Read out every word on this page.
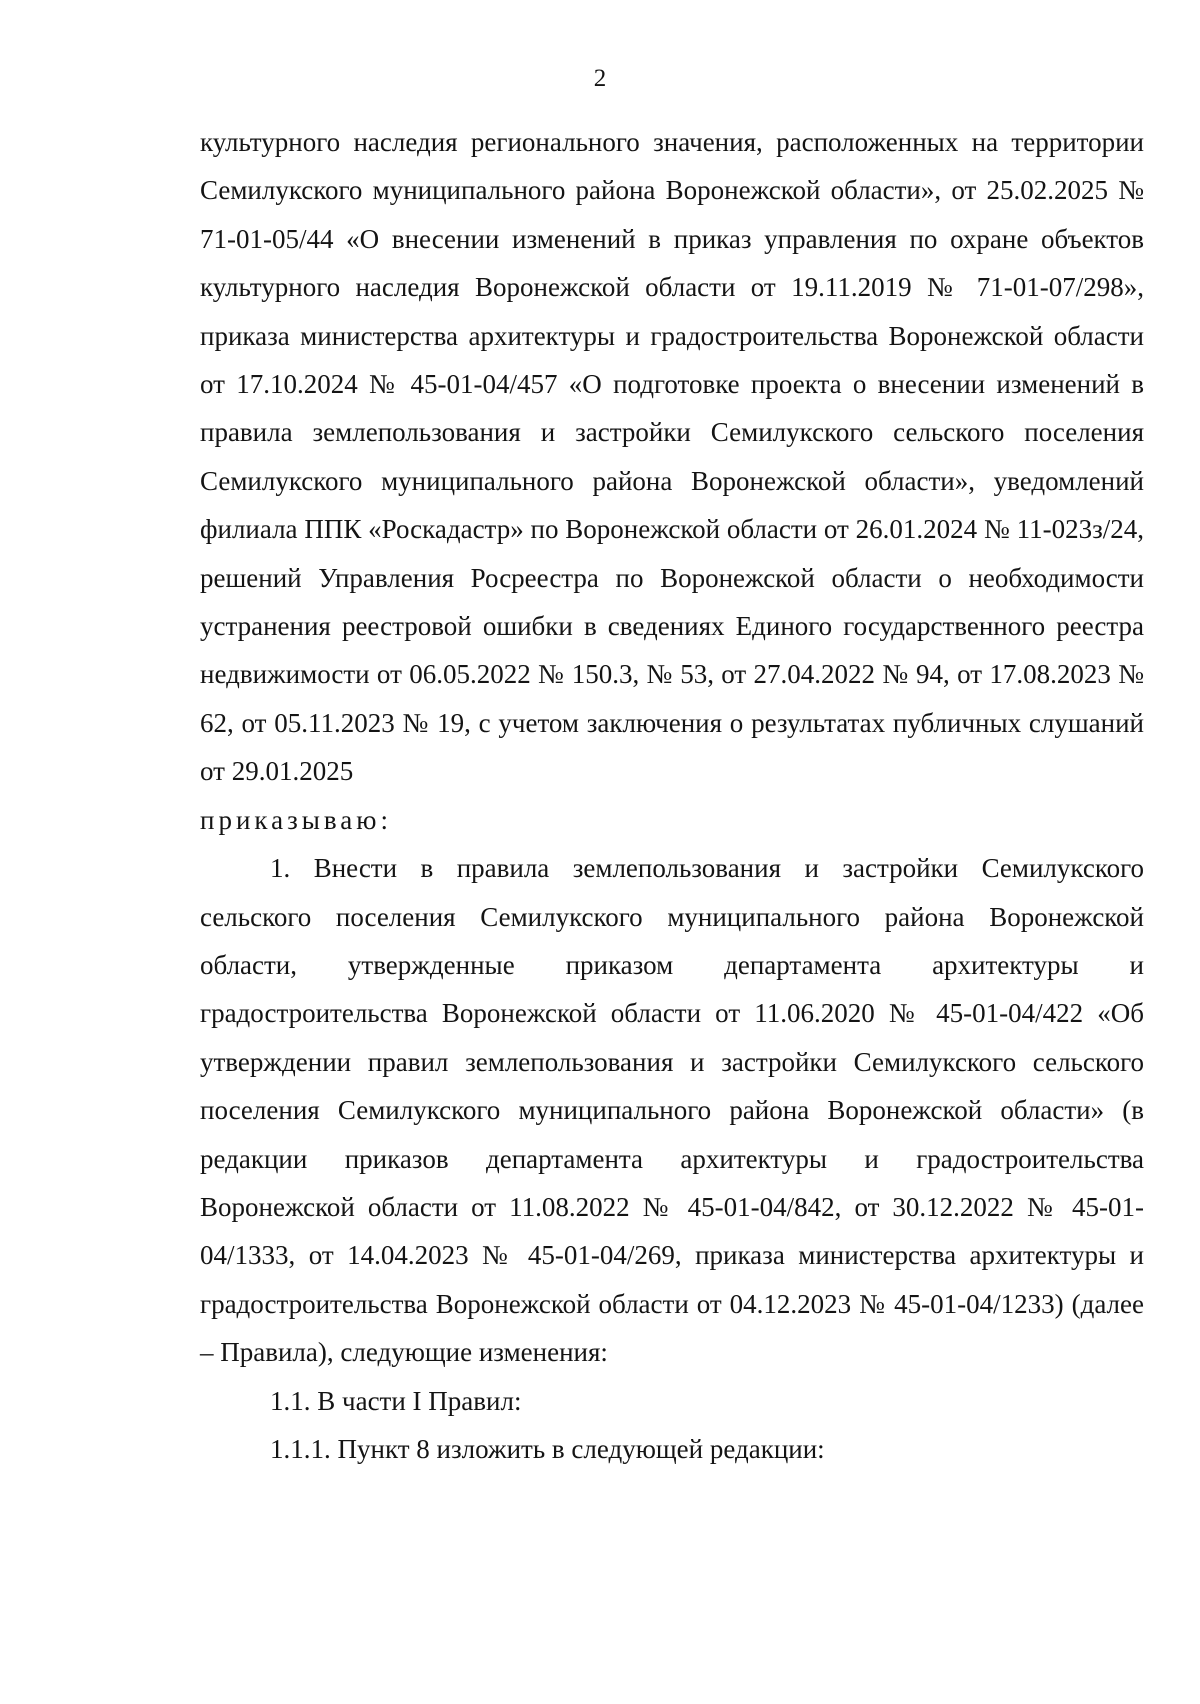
2

культурного наследия регионального значения, расположенных на территории Семилукского муниципального района Воронежской области», от 25.02.2025 № 71-01-05/44 «О внесении изменений в приказ управления по охране объектов культурного наследия Воронежской области от 19.11.2019 № 71-01-07/298», приказа министерства архитектуры и градостроительства Воронежской области от 17.10.2024 № 45-01-04/457 «О подготовке проекта о внесении изменений в правила землепользования и застройки Семилукского сельского поселения Семилукского муниципального района Воронежской области», уведомлений филиала ППК «Роскадастр» по Воронежской области от 26.01.2024 № 11-023з/24, решений Управления Росреестра по Воронежской области о необходимости устранения реестровой ошибки в сведениях Единого государственного реестра недвижимости от 06.05.2022 № 150.3, № 53, от 27.04.2022 № 94, от 17.08.2023 № 62, от 05.11.2023 № 19, с учетом заключения о результатах публичных слушаний от 29.01.2025

приказываю:

1. Внести в правила землепользования и застройки Семилукского сельского поселения Семилукского муниципального района Воронежской области, утвержденные приказом департамента архитектуры и градостроительства Воронежской области от 11.06.2020 № 45-01-04/422 «Об утверждении правил землепользования и застройки Семилукского сельского поселения Семилукского муниципального района Воронежской области» (в редакции приказов департамента архитектуры и градостроительства Воронежской области от 11.08.2022 № 45-01-04/842, от 30.12.2022 № 45-01-04/1333, от 14.04.2023 № 45-01-04/269, приказа министерства архитектуры и градостроительства Воронежской области от 04.12.2023 № 45-01-04/1233) (далее – Правила), следующие изменения:

1.1. В части I Правил:

1.1.1. Пункт 8 изложить в следующей редакции:
